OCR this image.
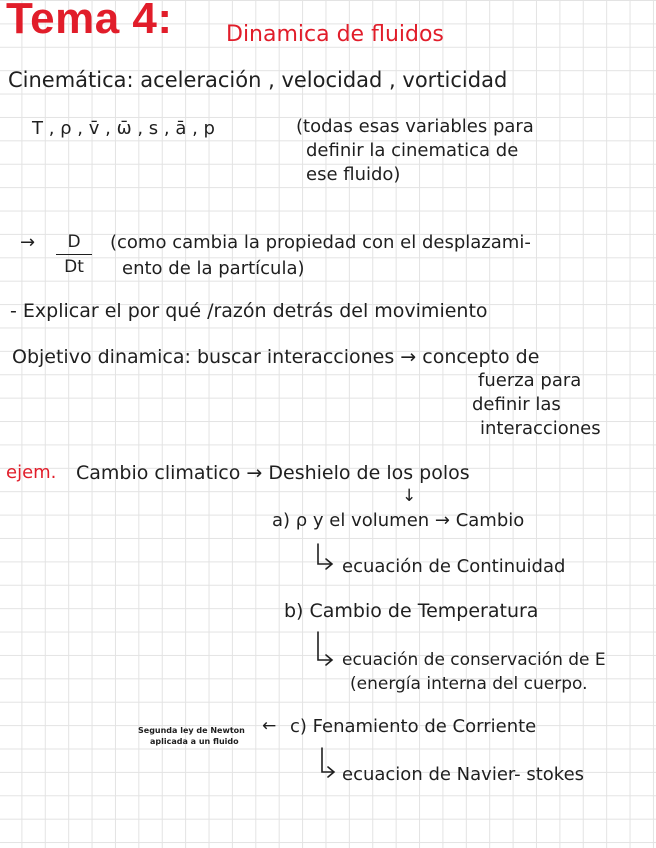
Tema 4: Dinamica de fluidos
Cinemática: aceleración , velocidad , vorticidad
T , ρ , v̄ , ω̄ , s , ā , p	(todas esas variables para
definir la cinematica de
ese fluido)
→	D
Dt
(como cambia la propiedad con el desplazami-
ento de la partícula)
- Explicar el por qué /razón detrás del movimiento
Objetivo dinamica: buscar interacciones → concepto de
fuerza para
definir las
interacciones
ejem. Cambio climatico → Deshielo de los polos
↓
a) ρ y el volumen → Cambio
ecuación de Continuidad
b) Cambio de Temperatura
ecuación de conservación de E
(energía interna del cuerpo.
Segunda ley de Newton
aplicada a un fluido
← c) Fenamiento de Corriente
ecuacion de Navier- stokes
